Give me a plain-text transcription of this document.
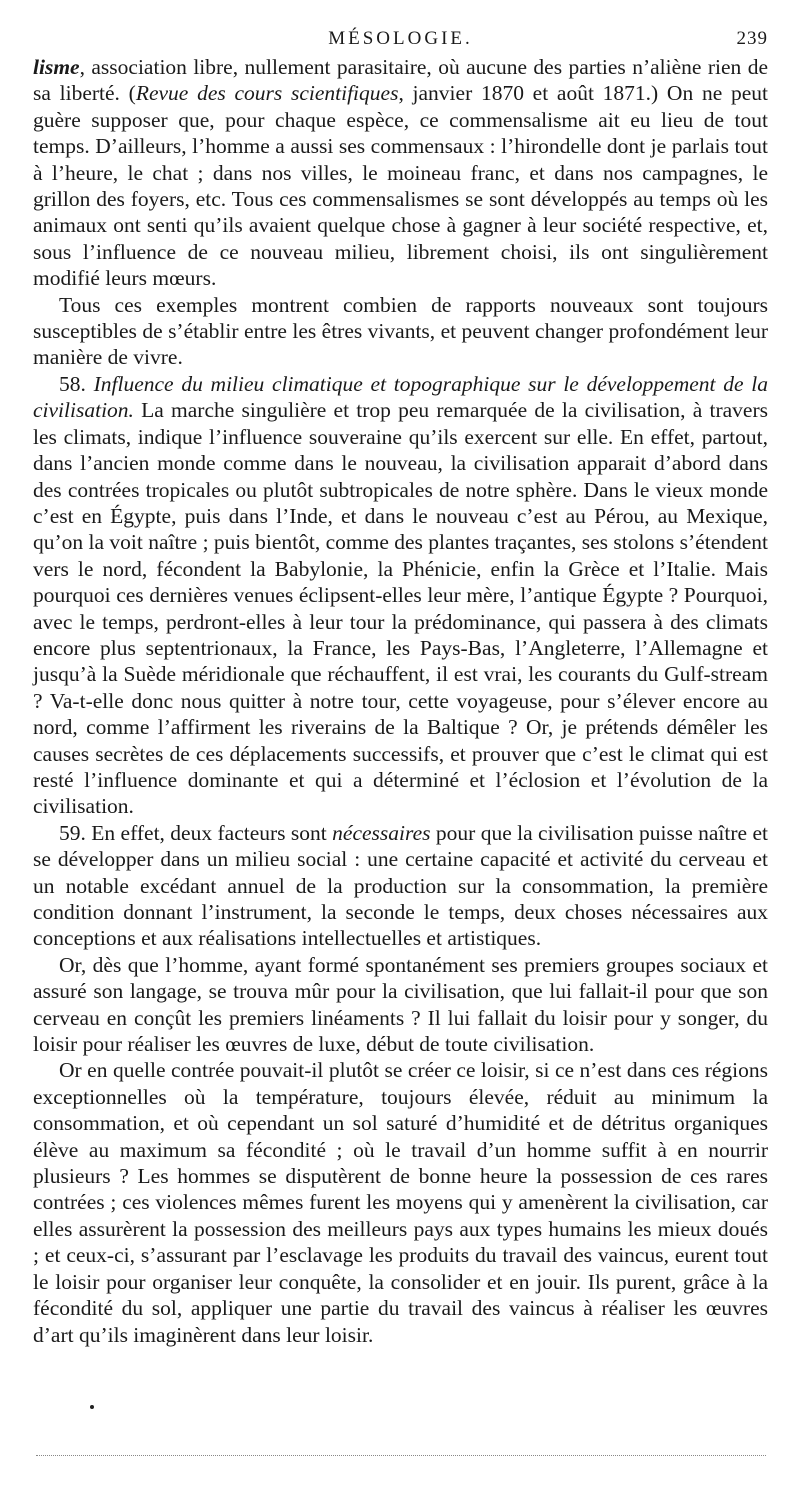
MÉSOLOGIE.	239

lisme, association libre, nullement parasitaire, où aucune des parties n’aliène rien de sa liberté. (Revue des cours scientifiques, janvier 1870 et août 1871.) On ne peut guère supposer que, pour chaque espèce, ce commensalisme ait eu lieu de tout temps. D’ailleurs, l’homme a aussi ses commensaux : l’hirondelle dont je parlais tout à l’heure, le chat ; dans nos villes, le moineau franc, et dans nos campagnes, le grillon des foyers, etc. Tous ces commensalismes se sont développés au temps où les animaux ont senti qu’ils avaient quelque chose à gagner à leur société respective, et, sous l’influence de ce nouveau milieu, librement choisi, ils ont singulièrement modifié leurs mœurs.

Tous ces exemples montrent combien de rapports nouveaux sont toujours susceptibles de s’établir entre les êtres vivants, et peuvent changer profondément leur manière de vivre.

58. Influence du milieu climatique et topographique sur le développement de la civilisation. La marche singulière et trop peu remarquée de la civilisation, à travers les climats, indique l’influence souveraine qu’ils exercent sur elle. En effet, partout, dans l’ancien monde comme dans le nouveau, la civilisation apparait d’abord dans des contrées tropicales ou plutôt subtropicales de notre sphère. Dans le vieux monde c’est en Égypte, puis dans l’Inde, et dans le nouveau c’est au Pérou, au Mexique, qu’on la voit naître ; puis bientôt, comme des plantes traçantes, ses stolons s’étendent vers le nord, fécondent la Babylonie, la Phénicie, enfin la Grèce et l’Italie. Mais pourquoi ces dernières venues éclipsent-elles leur mère, l’antique Égypte ? Pourquoi, avec le temps, perdront-elles à leur tour la prédominance, qui passera à des climats encore plus septentrionaux, la France, les Pays-Bas, l’Angleterre, l’Allemagne et jusqu’à la Suède méridionale que réchauffent, il est vrai, les courants du Gulf-stream ? Va-t-elle donc nous quitter à notre tour, cette voyageuse, pour s’élever encore au nord, comme l’affirment les riverains de la Baltique ? Or, je prétends démêler les causes secrètes de ces déplacements successifs, et prouver que c’est le climat qui est resté l’influence dominante et qui a déterminé et l’éclosion et l’évolution de la civilisation.

59. En effet, deux facteurs sont nécessaires pour que la civilisation puisse naître et se développer dans un milieu social : une certaine capacité et activité du cerveau et un notable excédant annuel de la production sur la consommation, la première condition donnant l’instrument, la seconde le temps, deux choses nécessaires aux conceptions et aux réalisations intellectuelles et artistiques.

Or, dès que l’homme, ayant formé spontanément ses premiers groupes sociaux et assuré son langage, se trouva mûr pour la civilisation, que lui fallait-il pour que son cerveau en conçût les premiers linéaments ? Il lui fallait du loisir pour y songer, du loisir pour réaliser les œuvres de luxe, début de toute civilisation.

Or en quelle contrée pouvait-il plutôt se créer ce loisir, si ce n’est dans ces régions exceptionnelles où la température, toujours élevée, réduit au minimum la consommation, et où cependant un sol saturé d’humidité et de détritus organiques élève au maximum sa fécondité ; où le travail d’un homme suffit à en nourrir plusieurs ? Les hommes se disputèrent de bonne heure la possession de ces rares contrées ; ces violences mêmes furent les moyens qui y amenèrent la civilisation, car elles assurèrent la possession des meilleurs pays aux types humains les mieux doués ; et ceux-ci, s’assurant par l’esclavage les produits du travail des vaincus, eurent tout le loisir pour organiser leur conquête, la consolider et en jouir. Ils purent, grâce à la fécondité du sol, appliquer une partie du travail des vaincus à réaliser les œuvres d’art qu’ils imaginèrent dans leur loisir.
